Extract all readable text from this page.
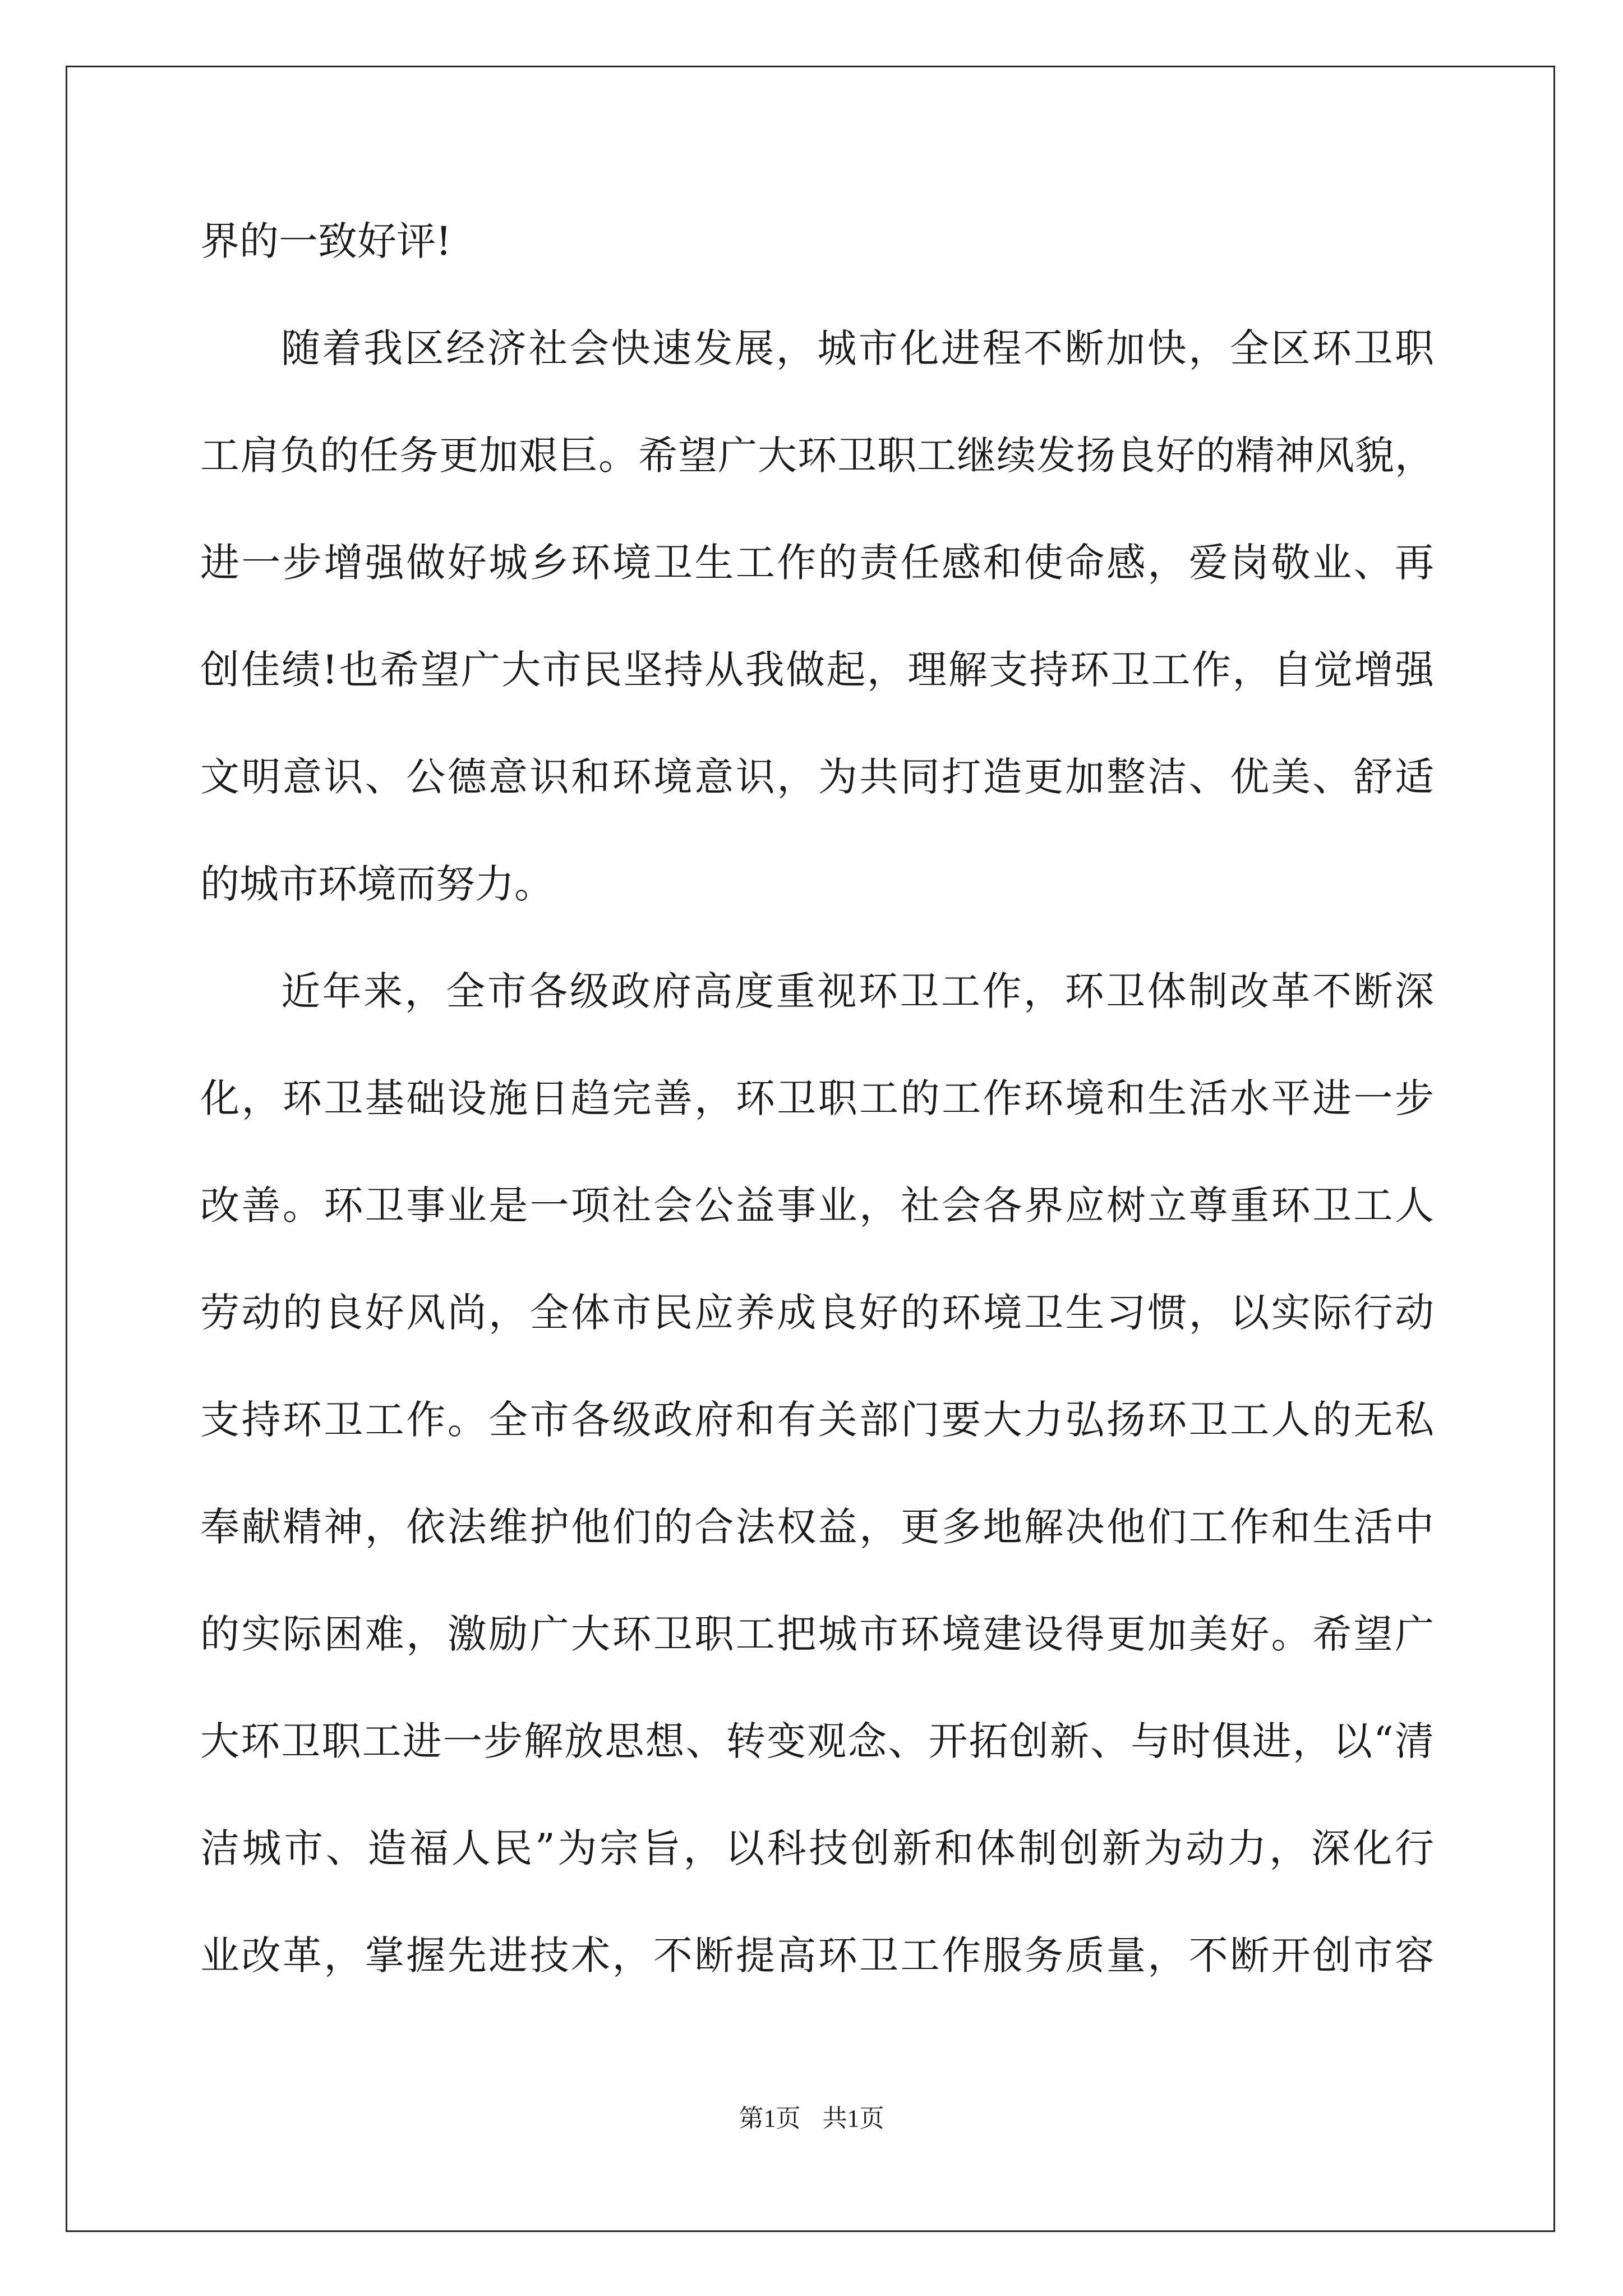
界的一致好评!
随着我区经济社会快速发展，城市化进程不断加快，全区环卫职
工肩负的任务更加艰巨。希望广大环卫职工继续发扬良好的精神风貌，
进一步增强做好城乡环境卫生工作的责任感和使命感，爱岗敬业、再
创佳绩!也希望广大市民坚持从我做起，理解支持环卫工作，自觉增强
文明意识、公德意识和环境意识，为共同打造更加整洁、优美、舒适
的城市环境而努力。
近年来，全市各级政府高度重视环卫工作，环卫体制改革不断深
化，环卫基础设施日趋完善，环卫职工的工作环境和生活水平进一步
改善。环卫事业是一项社会公益事业，社会各界应树立尊重环卫工人
劳动的良好风尚，全体市民应养成良好的环境卫生习惯，以实际行动
支持环卫工作。全市各级政府和有关部门要大力弘扬环卫工人的无私
奉献精神，依法维护他们的合法权益，更多地解决他们工作和生活中
的实际困难，激励广大环卫职工把城市环境建设得更加美好。希望广
大环卫职工进一步解放思想、转变观念、开拓创新、与时俱进，以“清
洁城市、造福人民”为宗旨，以科技创新和体制创新为动力，深化行
业改革，掌握先进技术，不断提高环卫工作服务质量，不断开创市容
第1页 共1页
